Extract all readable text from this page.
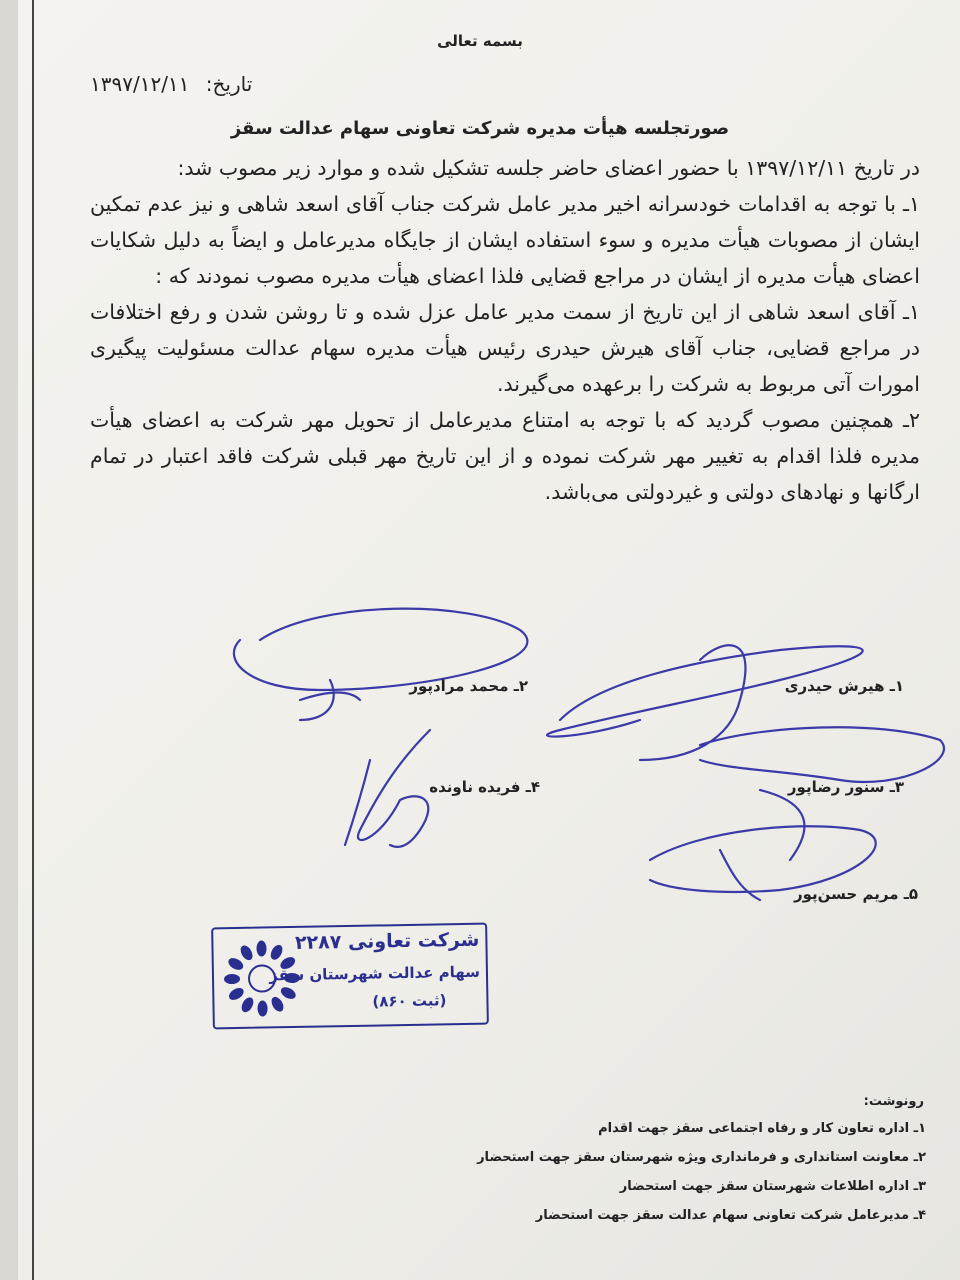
بسمه تعالی
تاریخ: ۱۳۹۷/۱۲/۱۱
صورتجلسه هیأت مدیره شرکت تعاونی سهام عدالت سقز

در تاریخ ۱۳۹۷/۱۲/۱۱ با حضور اعضای حاضر جلسه تشکیل شده و موارد زیر مصوب شد:

۱ـ با توجه به اقدامات خودسرانه اخیر مدیر عامل شرکت جناب آقای اسعد شاهی و نیز عدم تمکین ایشان از مصوبات هیأت مدیره و سوء استفاده ایشان از جایگاه مدیرعامل و ایضاً به دلیل شکایات اعضای هیأت مدیره از ایشان در مراجع قضایی فلذا اعضای هیأت مدیره مصوب نمودند که :

۱ـ آقای اسعد شاهی از این تاریخ از سمت مدیر عامل عزل شده و تا روشن شدن و رفع اختلافات در مراجع قضایی، جناب آقای هیرش حیدری رئیس هیأت مدیره سهام عدالت مسئولیت پیگیری امورات آتی مربوط به شرکت را برعهده می‌گیرند.

۲ـ همچنین مصوب گردید که با توجه به امتناع مدیرعامل از تحویل مهر شرکت به اعضای هیأت مدیره فلذا اقدام به تغییر مهر شرکت نموده و از این تاریخ مهر قبلی شرکت فاقد اعتبار در تمام ارگانها و نهادهای دولتی و غیردولتی می‌باشد.

۱ـ هیرش حیدری
۲ـ محمد مرادپور
۳ـ سنور رضاپور
۴ـ فریده ناونده
۵ـ مریم حسن‌پور
شرکت تعاونی ۲۲۸۷
سهام عدالت شهرستان سقز
(ثبت ۸۶۰)
رونوشت:
۱ـ اداره تعاون کار و رفاه اجتماعی سقز جهت اقدام
۲ـ معاونت استانداری و فرمانداری ویژه شهرستان سقز جهت استحضار
۳ـ اداره اطلاعات شهرستان سقز جهت استحضار
۴ـ مدیرعامل شرکت تعاونی سهام عدالت سقز جهت استحضار
